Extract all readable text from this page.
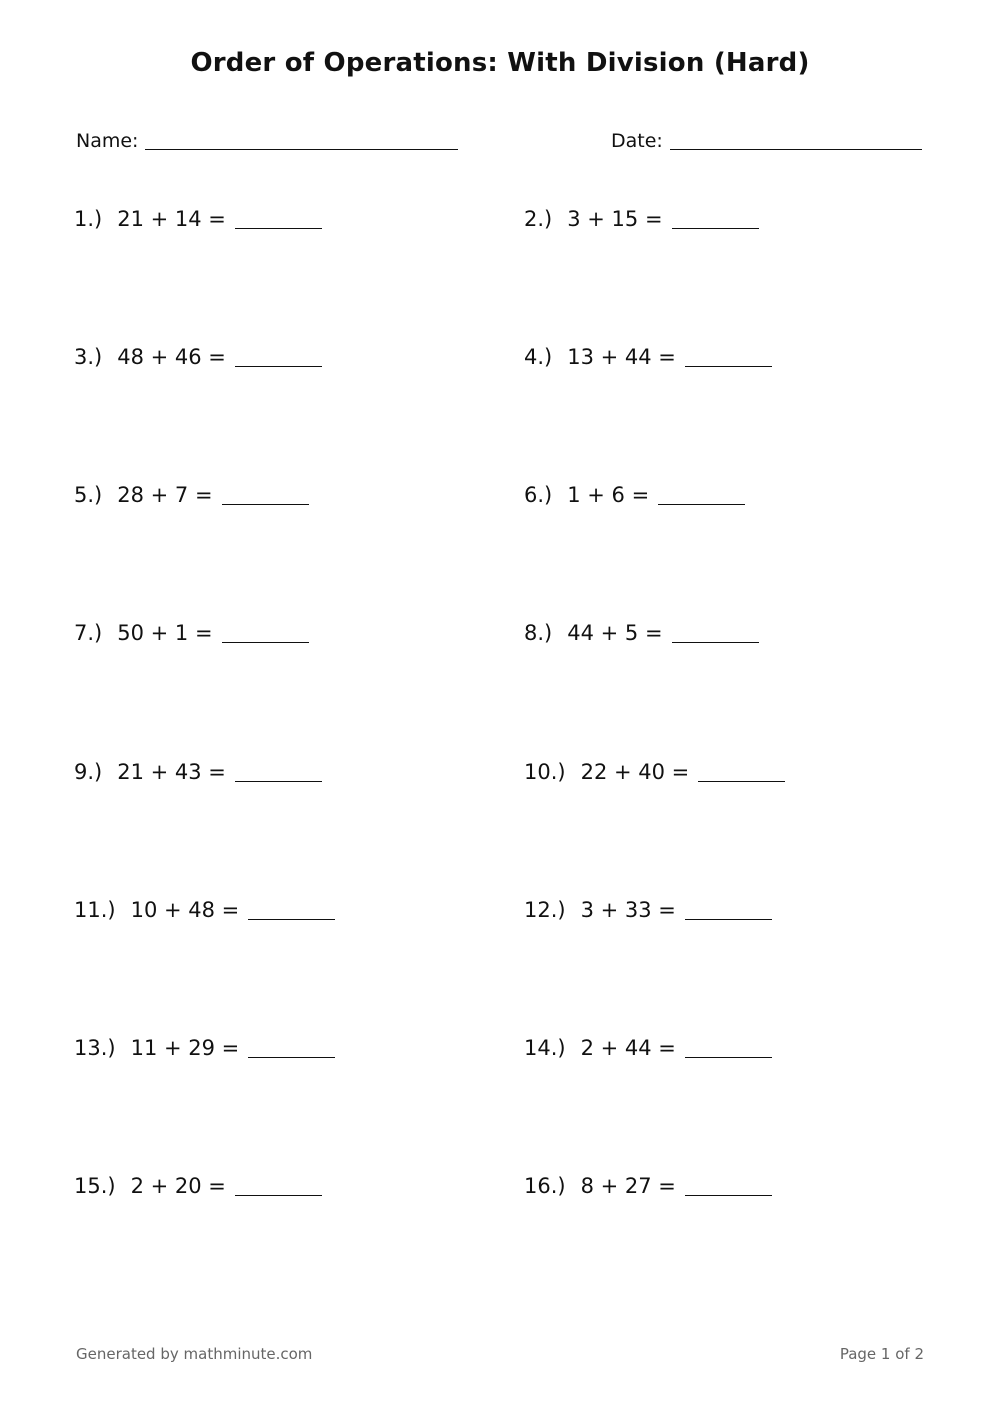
Order of Operations: With Division (Hard)
Name:	Date:
1.) 21 + 14 =	2.) 3 + 15 =
3.) 48 + 46 =	4.) 13 + 44 =
5.) 28 + 7 =	6.) 1 + 6 =
7.) 50 + 1 =	8.) 44 + 5 =
9.) 21 + 43 =	10.) 22 + 40 =
11.) 10 + 48 =	12.) 3 + 33 =
13.) 11 + 29 =	14.) 2 + 44 =
15.) 2 + 20 =	16.) 8 + 27 =
Generated by mathminute.com	Page 1 of 2
